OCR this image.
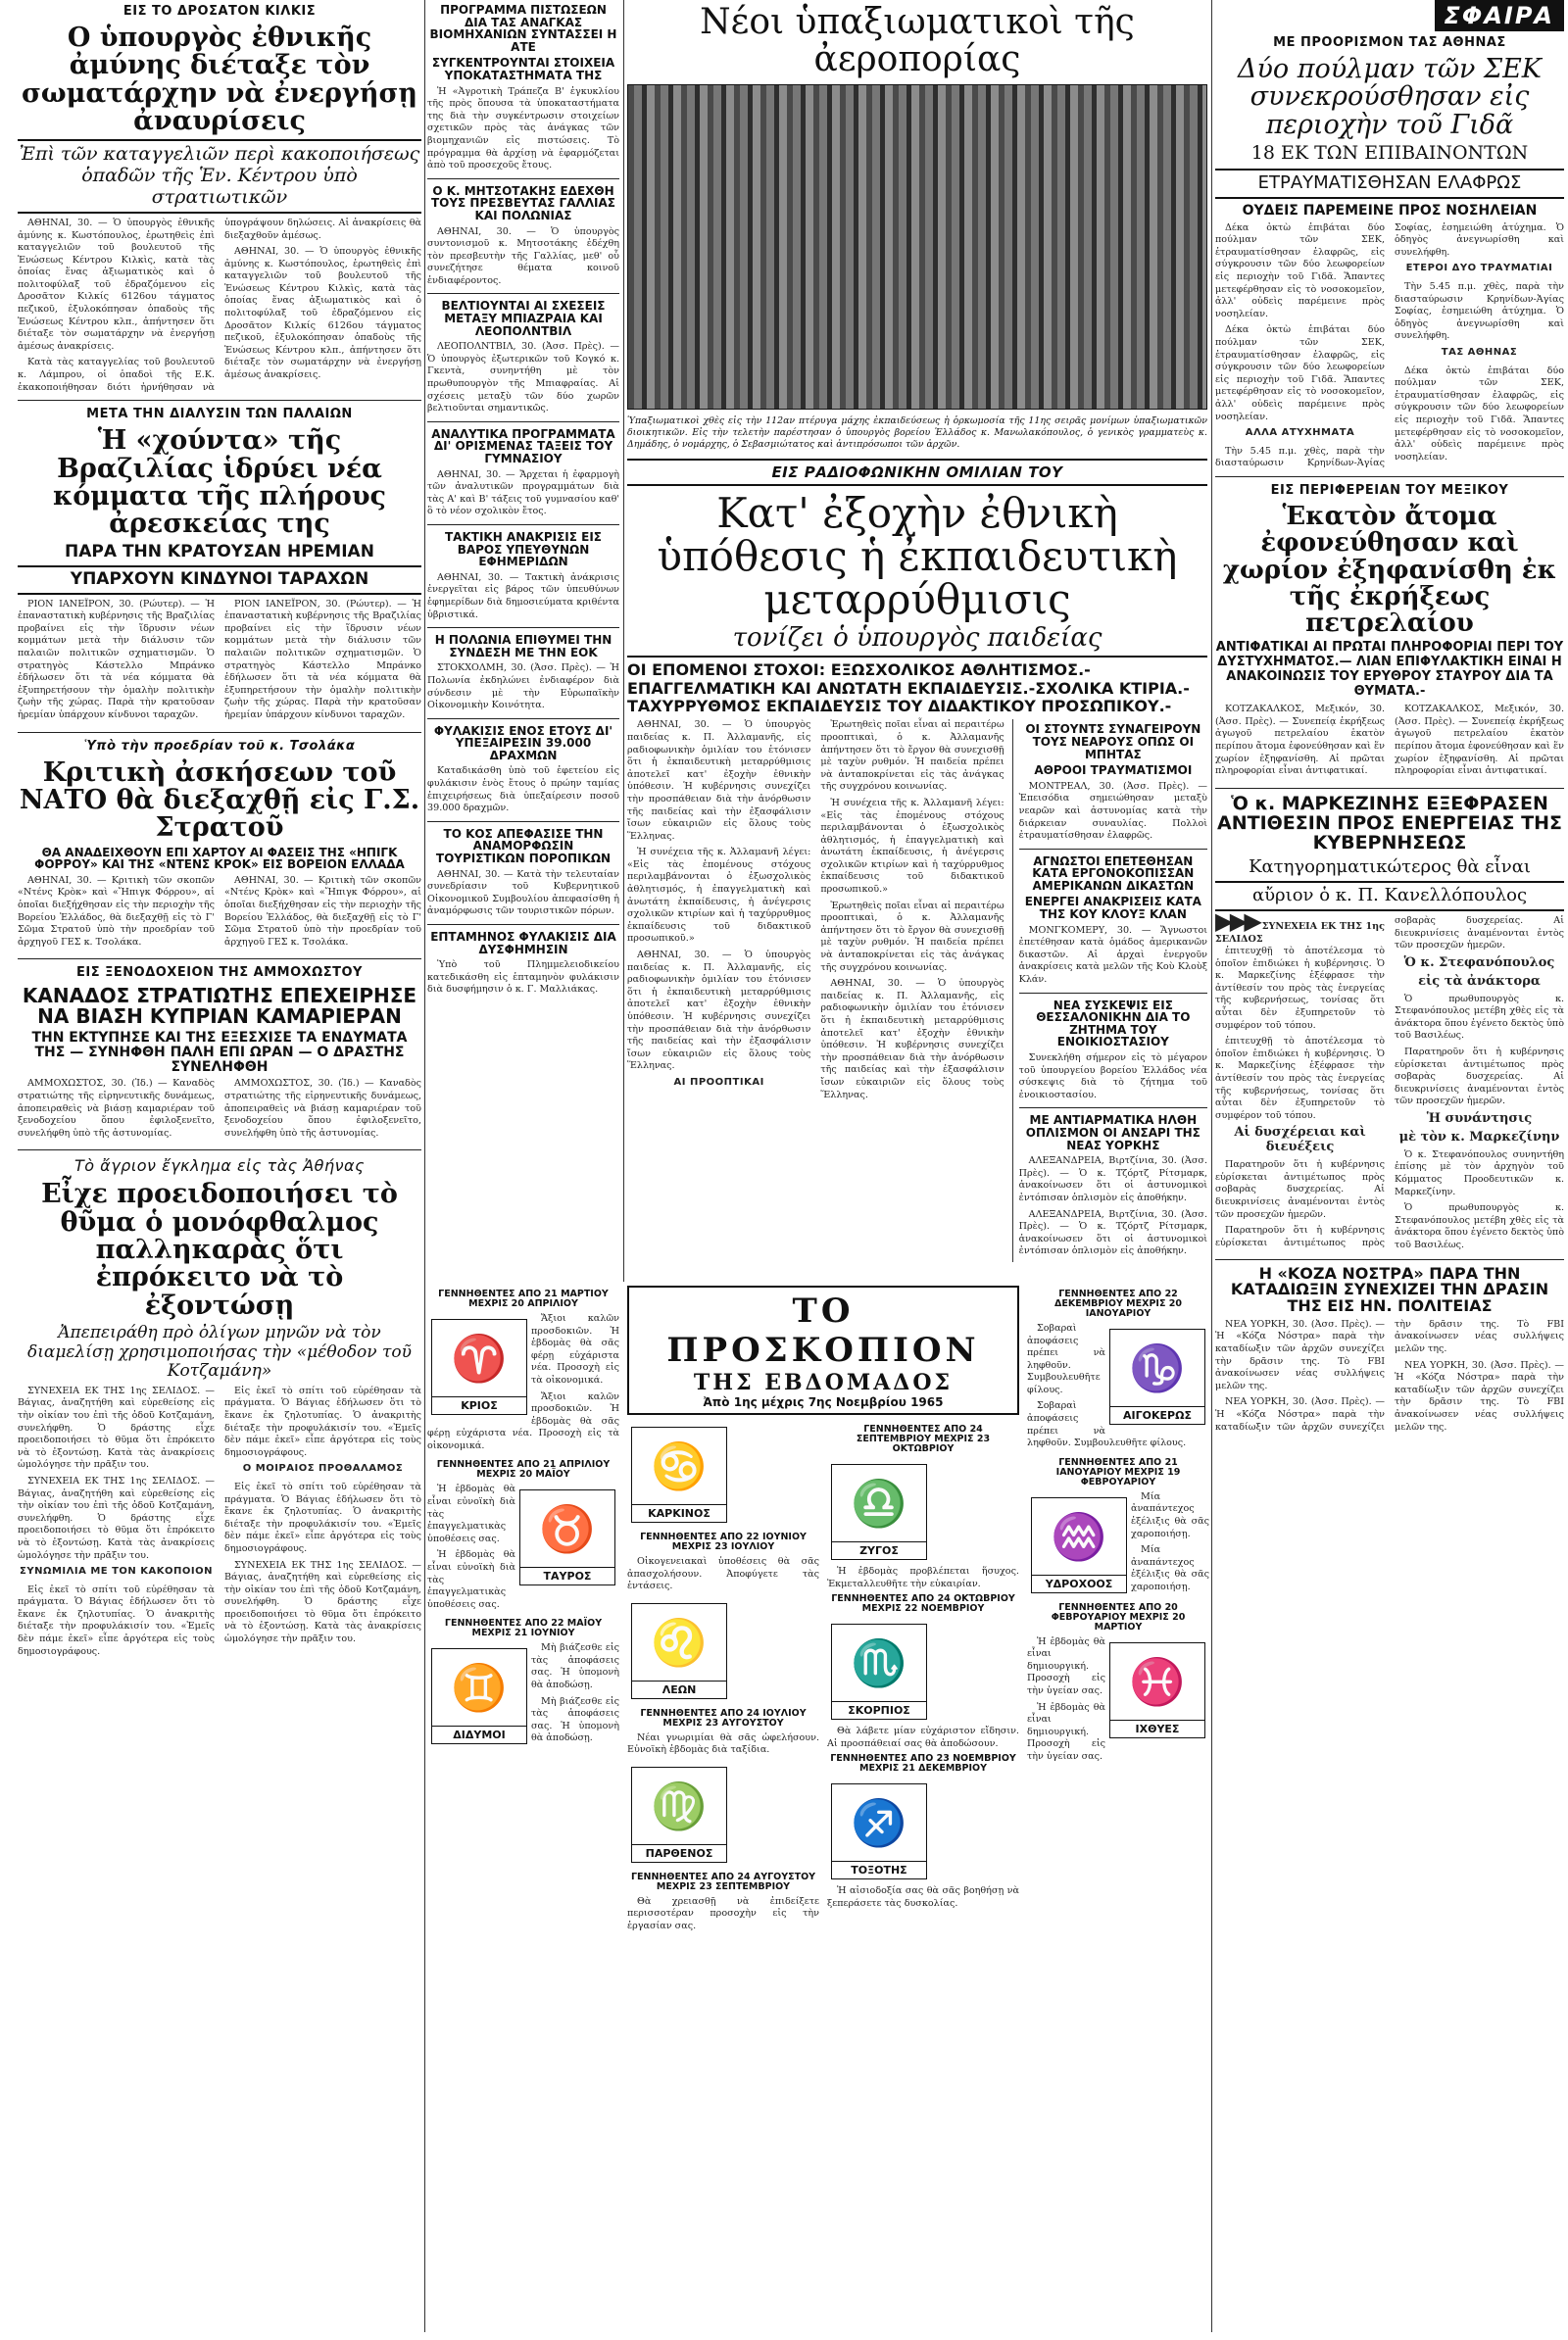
ΕΙΣ ΤΟ ΔΡΟΣΑΤΟΝ ΚΙΛΚΙΣ
Ο ὑπουργὸς ἐθνικῆς ἀμύνης διέταξε τὸν σωματάρχην νὰ ἐνεργήσῃ ἀναυρίσεις
Ἐπὶ τῶν καταγγελιῶν περὶ κακοποιήσεως ὁπαδῶν τῆς Ἑν. Κέντρου ὑπὸ στρατιωτικῶν

ΑΘΗΝΑΙ, 30. — Ὁ ὑπουργὸς ἐθνικῆς ἀμύνης κ. Κωστόπουλος, ἐρωτηθεὶς ἐπὶ καταγγελιῶν τοῦ βουλευτοῦ τῆς Ἑνώσεως Κέντρου Κιλκὶς, κατὰ τὰς ὁποίας ἕνας ἀξιωματικὸς καὶ ὁ πολιτοφύλαξ τοῦ ἐδραζόμενου εἰς Δροσᾶτον Κιλκίς 6126ου τάγματος πεζικοῦ, ἐξυλοκόπησαν ὁπαδοὺς τῆς Ἑνώσεως Κέντρου κλπ., ἀπήντησεν ὅτι διέταξε τὸν σωματάρχην νὰ ἐνεργήσῃ ἀμέσως ἀνακρίσεις.

Κατὰ τὰς καταγγελίας τοῦ βουλευτοῦ κ. Λάμπρου, οἱ ὁπαδοὶ τῆς Ε.Κ. ἐκακοποιήθησαν διότι ἠρνήθησαν νὰ ὑπογράψουν δηλώσεις. Αἱ ἀνακρίσεις θὰ διεξαχθοῦν ἀμέσως.

ΑΘΗΝΑΙ, 30. — Ὁ ὑπουργὸς ἐθνικῆς ἀμύνης κ. Κωστόπουλος, ἐρωτηθεὶς ἐπὶ καταγγελιῶν τοῦ βουλευτοῦ τῆς Ἑνώσεως Κέντρου Κιλκὶς, κατὰ τὰς ὁποίας ἕνας ἀξιωματικὸς καὶ ὁ πολιτοφύλαξ τοῦ ἐδραζόμενου εἰς Δροσᾶτον Κιλκίς 6126ου τάγματος πεζικοῦ, ἐξυλοκόπησαν ὁπαδοὺς τῆς Ἑνώσεως Κέντρου κλπ., ἀπήντησεν ὅτι διέταξε τὸν σωματάρχην νὰ ἐνεργήσῃ ἀμέσως ἀνακρίσεις.

ΜΕΤΑ ΤΗΝ ΔΙΑΛΥΣΙΝ ΤΩΝ ΠΑΛΑΙΩΝ
Ἡ «χούντα» τῆς Βραζιλίας ἱδρύει νέα κόμματα τῆς πλήρους ἀρεσκείας της
ΠΑΡΑ ΤΗΝ ΚΡΑΤΟΥΣΑΝ ΗΡΕΜΙΑΝ
ΥΠΑΡΧΟΥΝ ΚΙΝΔΥΝΟΙ ΤΑΡΑΧΩΝ

ΡΙΟΝ ΙΑΝΕΪΡΟΝ, 30. (Ρώυτερ). — Ἡ ἐπαναστατικὴ κυβέρνησις τῆς Βραζιλίας προβαίνει εἰς τὴν ἵδρυσιν νέων κομμάτων μετὰ τὴν διάλυσιν τῶν παλαιῶν πολιτικῶν σχηματισμῶν. Ὁ στρατηγὸς Κάστελλο Μπράνκο ἐδήλωσεν ὅτι τὰ νέα κόμματα θὰ ἐξυπηρετήσουν τὴν ὁμαλὴν πολιτικὴν ζωὴν τῆς χώρας. Παρὰ τὴν κρατοῦσαν ἠρεμίαν ὑπάρχουν κίνδυνοι ταραχῶν.

ΡΙΟΝ ΙΑΝΕΪΡΟΝ, 30. (Ρώυτερ). — Ἡ ἐπαναστατικὴ κυβέρνησις τῆς Βραζιλίας προβαίνει εἰς τὴν ἵδρυσιν νέων κομμάτων μετὰ τὴν διάλυσιν τῶν παλαιῶν πολιτικῶν σχηματισμῶν. Ὁ στρατηγὸς Κάστελλο Μπράνκο ἐδήλωσεν ὅτι τὰ νέα κόμματα θὰ ἐξυπηρετήσουν τὴν ὁμαλὴν πολιτικὴν ζωὴν τῆς χώρας. Παρὰ τὴν κρατοῦσαν ἠρεμίαν ὑπάρχουν κίνδυνοι ταραχῶν.

Ὑπὸ τὴν προεδρίαν τοῦ κ. Τσολάκα
Κριτικὴ ἀσκήσεων τοῦ ΝΑΤΟ θὰ διεξαχθῇ εἰς Γ.Σ. Στρατοῦ
ΘΑ ΑΝΑΔΕΙΧΘΟΥΝ ΕΠΙ ΧΑΡΤΟΥ ΑΙ ΦΑΣΕΙΣ ΤΗΣ «ΗΠΙΓΚ ΦΟΡΡΟΥ» ΚΑΙ ΤΗΣ «ΝΤΕΝΣ ΚΡΟΚ» ΕΙΣ ΒΟΡΕΙΟΝ ΕΛΛΑΔΑ

ΑΘΗΝΑΙ, 30. — Κριτικὴ τῶν σκοπῶν «Ντένς Κρὸκ» καὶ «Ἤπιγκ Φόρρου», αἱ ὁποῖαι διεξήχθησαν εἰς τὴν περιοχὴν τῆς Βορείου Ἑλλάδος, θὰ διεξαχθῇ εἰς τὸ Γ' Σῶμα Στρατοῦ ὑπὸ τὴν προεδρίαν τοῦ ἀρχηγοῦ ΓΕΣ κ. Τσολάκα.

ΑΘΗΝΑΙ, 30. — Κριτικὴ τῶν σκοπῶν «Ντένς Κρὸκ» καὶ «Ἤπιγκ Φόρρου», αἱ ὁποῖαι διεξήχθησαν εἰς τὴν περιοχὴν τῆς Βορείου Ἑλλάδος, θὰ διεξαχθῇ εἰς τὸ Γ' Σῶμα Στρατοῦ ὑπὸ τὴν προεδρίαν τοῦ ἀρχηγοῦ ΓΕΣ κ. Τσολάκα.

ΕΙΣ ΞΕΝΟΔΟΧΕΙΟΝ ΤΗΣ ΑΜΜΟΧΩΣΤΟΥ
ΚΑΝΑΔΟΣ ΣΤΡΑΤΙΩΤΗΣ ΕΠΕΧΕΙΡΗΣΕ ΝΑ ΒΙΑΣΗ ΚΥΠΡΙΑΝ ΚΑΜΑΡΙΕΡΑΝ
ΤΗΝ ΕΚΤΥΠΗΣΕ ΚΑΙ ΤΗΣ ΕΞΕΣΧΙΣΕ ΤΑ ΕΝΔΥΜΑΤΑ ΤΗΣ — ΣΥΝΗΦΘΗ ΠΑΛΗ ΕΠΙ ΩΡΑΝ — Ο ΔΡΑΣΤΗΣ ΣΥΝΕΛΗΦΘΗ

ΑΜΜΟΧΩΣΤΟΣ, 30. (Ἰδ.) — Καναδὸς στρατιώτης τῆς εἰρηνευτικῆς δυνάμεως, ἀποπειραθεὶς νὰ βιάσῃ καμαριέραν τοῦ ξενοδοχείου ὅπου ἐφιλοξενεῖτο, συνελήφθη ὑπὸ τῆς ἀστυνομίας.

ΑΜΜΟΧΩΣΤΟΣ, 30. (Ἰδ.) — Καναδὸς στρατιώτης τῆς εἰρηνευτικῆς δυνάμεως, ἀποπειραθεὶς νὰ βιάσῃ καμαριέραν τοῦ ξενοδοχείου ὅπου ἐφιλοξενεῖτο, συνελήφθη ὑπὸ τῆς ἀστυνομίας.

Τὸ ἄγριον ἔγκλημα εἰς τὰς Ἀθήνας
Εἶχε προειδοποιήσει τὸ θῦμα ὁ μονόφθαλμος παλληκαρὰς ὅτι ἐπρόκειτο νὰ τὸ ἐξοντώσῃ
Ἀπεπειράθη πρὸ ὀλίγων μηνῶν νὰ τὸν διαμελίσῃ χρησιμοποιήσας τὴν «μέθοδον τοῦ Κοτζαμάνη»

ΣΥΝΕΧΕΙΑ ΕΚ ΤΗΣ 1ης ΣΕΛΙΔΟΣ. — Βάγιας, ἀναζητήθη καὶ εὑρεθείσης εἰς τὴν οἰκίαν του ἐπὶ τῆς ὁδοῦ Κοτζαμάνη, συνελήφθη. Ὁ δράστης εἶχε προειδοποιήσει τὸ θῦμα ὅτι ἐπρόκειτο νὰ τὸ ἐξοντώσῃ. Κατὰ τὰς ἀνακρίσεις ὡμολόγησε τὴν πρᾶξιν του.

ΣΥΝΕΧΕΙΑ ΕΚ ΤΗΣ 1ης ΣΕΛΙΔΟΣ. — Βάγιας, ἀναζητήθη καὶ εὑρεθείσης εἰς τὴν οἰκίαν του ἐπὶ τῆς ὁδοῦ Κοτζαμάνη, συνελήφθη. Ὁ δράστης εἶχε προειδοποιήσει τὸ θῦμα ὅτι ἐπρόκειτο νὰ τὸ ἐξοντώσῃ. Κατὰ τὰς ἀνακρίσεις ὡμολόγησε τὴν πρᾶξιν του.

ΣΥΝΩΜΙΛΙΑ ΜΕ ΤΟΝ ΚΑΚΟΠΟΙΟΝ

Εἰς ἐκεῖ τὸ σπίτι τοῦ εὑρέθησαν τὰ πράγματα. Ὁ Βάγιας ἐδήλωσεν ὅτι τὸ ἔκανε ἐκ ζηλοτυπίας. Ὁ ἀνακριτὴς διέταξε τὴν προφυλάκισίν του. «Ἐμεῖς δὲν πάμε ἐκεῖ» εἶπε ἀργότερα εἰς τοὺς δημοσιογράφους.

Εἰς ἐκεῖ τὸ σπίτι τοῦ εὑρέθησαν τὰ πράγματα. Ὁ Βάγιας ἐδήλωσεν ὅτι τὸ ἔκανε ἐκ ζηλοτυπίας. Ὁ ἀνακριτὴς διέταξε τὴν προφυλάκισίν του. «Ἐμεῖς δὲν πάμε ἐκεῖ» εἶπε ἀργότερα εἰς τοὺς δημοσιογράφους.

Ο ΜΟΙΡΑΙΟΣ ΠΡΟΘΑΛΑΜΟΣ

Εἰς ἐκεῖ τὸ σπίτι τοῦ εὑρέθησαν τὰ πράγματα. Ὁ Βάγιας ἐδήλωσεν ὅτι τὸ ἔκανε ἐκ ζηλοτυπίας. Ὁ ἀνακριτὴς διέταξε τὴν προφυλάκισίν του. «Ἐμεῖς δὲν πάμε ἐκεῖ» εἶπε ἀργότερα εἰς τοὺς δημοσιογράφους.

ΣΥΝΕΧΕΙΑ ΕΚ ΤΗΣ 1ης ΣΕΛΙΔΟΣ. — Βάγιας, ἀναζητήθη καὶ εὑρεθείσης εἰς τὴν οἰκίαν του ἐπὶ τῆς ὁδοῦ Κοτζαμάνη, συνελήφθη. Ὁ δράστης εἶχε προειδοποιήσει τὸ θῦμα ὅτι ἐπρόκειτο νὰ τὸ ἐξοντώσῃ. Κατὰ τὰς ἀνακρίσεις ὡμολόγησε τὴν πρᾶξιν του.

ΠΡΟΓΡΑΜΜΑ ΠΙΣΤΩΣΕΩΝ ΔΙΑ ΤΑΣ ΑΝΑΓΚΑΣ ΒΙΟΜΗΧΑΝΙΩΝ ΣΥΝΤΑΣΣΕΙ Η ΑΤΕ
ΣΥΓΚΕΝΤΡΟΥΝΤΑΙ ΣΤΟΙΧΕΙΑ ΥΠΟΚΑΤΑΣΤΗΜΑΤΑ ΤΗΣ

Ἡ «Ἀγροτικὴ Τράπεζα Β' ἐγκυκλίου τῆς πρὸς ὅπουσα τὰ ὑποκαταστήματα της διὰ τὴν συγκέντρωσιν στοιχείων σχετικῶν πρὸς τὰς ἀνάγκας τῶν βιομηχανιῶν εἰς πιστώσεις. Τὸ πρόγραμμα θὰ ἀρχίσῃ νὰ ἐφαρμόζεται ἀπὸ τοῦ προσεχοῦς ἔτους.

Ο Κ. ΜΗΤΣΟΤΑΚΗΣ ΕΔΕΧΘΗ ΤΟΥΣ ΠΡΕΣΒΕΥΤΑΣ ΓΑΛΛΙΑΣ ΚΑΙ ΠΟΛΩΝΙΑΣ

ΑΘΗΝΑΙ, 30. — Ὁ ὑπουργὸς συντονισμοῦ κ. Μητσοτάκης ἐδέχθη τὸν πρεσβευτὴν τῆς Γαλλίας, μεθ' οὗ συνεζήτησε θέματα κοινοῦ ἐνδιαφέροντος.

ΒΕΛΤΙΟΥΝΤΑΙ ΑΙ ΣΧΕΣΕΙΣ ΜΕΤΑΞΥ ΜΠΙΑΖΡΑΙΑ ΚΑΙ ΛΕΟΠΟΛΝΤΒΙΛ

ΛΕΟΠΟΛΝΤΒΙΛ, 30. (Ἀσσ. Πρὲς). — Ὁ ὑπουργὸς ἐξωτερικῶν τοῦ Κογκό κ. Γκεντὰ, συνηντήθη μὲ τὸν πρωθυπουργὸν τῆς Μπιαφραίας. Αἱ σχέσεις μεταξὺ τῶν δύο χωρῶν βελτιοῦνται σημαντικῶς.

ΑΝΑΛΥΤΙΚΑ ΠΡΟΓΡΑΜΜΑΤΑ ΔΙ' ΟΡΙΣΜΕΝΑΣ ΤΑΞΕΙΣ ΤΟΥ ΓΥΜΝΑΣΙΟΥ

ΑΘΗΝΑΙ, 30. — Ἄρχεται ἡ ἐφαρμογὴ τῶν ἀναλυτικῶν προγραμμάτων διὰ τὰς Α' καὶ Β' τάξεις τοῦ γυμνασίου καθ' ὃ τὸ νέον σχολικὸν ἔτος.

ΤΑΚΤΙΚΗ ΑΝΑΚΡΙΣΙΣ ΕΙΣ ΒΑΡΟΣ ΥΠΕΥΘΥΝΩΝ ΕΦΗΜΕΡΙΔΩΝ

ΑΘΗΝΑΙ, 30. — Τακτικὴ ἀνάκρισις ἐνεργεῖται εἰς βάρος τῶν ὑπευθύνων ἐφημερίδων διὰ δημοσιεύματα κριθέντα ὑβριστικά.

Η ΠΟΛΩΝΙΑ ΕΠΙΘΥΜΕΙ ΤΗΝ ΣΥΝΔΕΣΗ ΜΕ ΤΗΝ ΕΟΚ

ΣΤΟΚΧΟΛΜΗ, 30. (Ἀσσ. Πρὲς). — Ἡ Πολωνία ἐκδηλώνει ἐνδιαφέρον διὰ σύνδεσιν μὲ τὴν Εὐρωπαϊκὴν Οἰκονομικὴν Κοινότητα.

ΦΥΛΑΚΙΣΙΣ ΕΝΟΣ ΕΤΟΥΣ ΔΙ' ΥΠΕΞΑΙΡΕΣΙΝ 39.000 ΔΡΑΧΜΩΝ

Καταδικάσθη ὑπὸ τοῦ ἐφετείου εἰς φυλάκισιν ἑνὸς ἔτους ὁ πρώην ταμίας ἐπιχειρήσεως διὰ ὑπεξαίρεσιν ποσοῦ 39.000 δραχμῶν.

ΤΟ ΚΟΣ ΑΠΕΦΑΣΙΣΕ ΤΗΝ ΑΝΑΜΟΡΦΩΣΙΝ ΤΟΥΡΙΣΤΙΚΩΝ ΠΟΡΟΠΙΚΩΝ

ΑΘΗΝΑΙ, 30. — Κατὰ τὴν τελευταίαν συνεδρίασιν τοῦ Κυβερνητικοῦ Οἰκονομικοῦ Συμβουλίου ἀπεφασίσθη ἡ ἀναμόρφωσις τῶν τουριστικῶν πόρων.

ΕΠΤΑΜΗΝΟΣ ΦΥΛΑΚΙΣΙΣ ΔΙΑ ΔΥΣΦΗΜΗΣΙΝ

Ὑπὸ τοῦ Πλημμελειοδικείου κατεδικάσθη εἰς ἑπταμηνὸν φυλάκισιν διὰ δυσφήμησιν ὁ κ. Γ. Μαλλιάκας.

Νέοι ὑπαξιωματικοὶ τῆς ἀεροπορίας
Ὑπαξιωματικοὶ χθὲς εἰς τὴν 112αν πτέρυγα μάχης ἐκπαιδεύσεως ἡ ὁρκωμοσία τῆς 11ης σειρᾶς μονίμων ὑπαξιωματικῶν διοικητικῶν. Εἰς τὴν τελετὴν παρέστησαν ὁ ὑπουργὸς βορείου Ἑλλάδος κ. Μανωλακόπουλος, ὁ γενικὸς γραμματεὺς κ. Δημάδης, ὁ νομάρχης, ὁ Σεβασμιώτατος καὶ ἀντιπρόσωποι τῶν ἀρχῶν.
ΕΙΣ ΡΑΔΙΟΦΩΝΙΚΗΝ ΟΜΙΛΙΑΝ ΤΟΥ
Κατ' ἐξοχὴν ἐθνικὴ ὑπόθεσις ἡ ἐκπαιδευτικὴ μεταρρύθμισις
τονίζει ὁ ὑπουργὸς παιδείας
ΟΙ ΕΠΟΜΕΝΟΙ ΣΤΟΧΟΙ: ΕΞΩΣΧΟΛΙΚΟΣ ΑΘΛΗΤΙΣΜΟΣ.-ΕΠΑΓΓΕΛΜΑΤΙΚΗ ΚΑΙ ΑΝΩΤΑΤΗ ΕΚΠΑΙΔΕΥΣΙΣ.-ΣΧΟΛΙΚΑ ΚΤΙΡΙΑ.-ΤΑΧΥΡΡΥΘΜΟΣ ΕΚΠΑΙΔΕΥΣΙΣ ΤΟΥ ΔΙΔΑΚΤΙΚΟΥ ΠΡΟΣΩΠΙΚΟΥ.-

ΑΘΗΝΑΙ, 30. — Ὁ ὑπουργὸς παιδείας κ. Π. Ἀλλαμανῆς, εἰς ραδιοφωνικὴν ὁμιλίαν του ἐτόνισεν ὅτι ἡ ἐκπαιδευτικὴ μεταρρύθμισις ἀποτελεῖ κατ' ἐξοχὴν ἐθνικὴν ὑπόθεσιν. Ἡ κυβέρνησις συνεχίζει τὴν προσπάθειαν διὰ τὴν ἀνόρθωσιν τῆς παιδείας καὶ τὴν ἐξασφάλισιν ἴσων εὐκαιριῶν εἰς ὅλους τοὺς Ἕλληνας.

Ἡ συνέχεια τῆς κ. Ἀλλαμανῆ λέγει: «Εἰς τὰς ἐπομένους στόχους περιλαμβάνονται ὁ ἐξωσχολικὸς ἀθλητισμός, ἡ ἐπαγγελματικὴ καὶ ἀνωτάτη ἐκπαίδευσις, ἡ ἀνέγερσις σχολικῶν κτιρίων καὶ ἡ ταχύρρυθμος ἐκπαίδευσις τοῦ διδακτικοῦ προσωπικοῦ.»

ΑΘΗΝΑΙ, 30. — Ὁ ὑπουργὸς παιδείας κ. Π. Ἀλλαμανῆς, εἰς ραδιοφωνικὴν ὁμιλίαν του ἐτόνισεν ὅτι ἡ ἐκπαιδευτικὴ μεταρρύθμισις ἀποτελεῖ κατ' ἐξοχὴν ἐθνικὴν ὑπόθεσιν. Ἡ κυβέρνησις συνεχίζει τὴν προσπάθειαν διὰ τὴν ἀνόρθωσιν τῆς παιδείας καὶ τὴν ἐξασφάλισιν ἴσων εὐκαιριῶν εἰς ὅλους τοὺς Ἕλληνας.

ΑΙ ΠΡΟΟΠΤΙΚΑΙ

Ἐρωτηθεὶς ποῖαι εἶναι αἱ περαιτέρω προοπτικαὶ, ὁ κ. Ἀλλαμανῆς ἀπήντησεν ὅτι τὸ ἔργον θὰ συνεχισθῇ μὲ ταχὺν ρυθμόν. Ἡ παιδεία πρέπει νὰ ἀνταποκρίνεται εἰς τὰς ἀνάγκας τῆς συγχρόνου κοινωνίας.

Ἡ συνέχεια τῆς κ. Ἀλλαμανῆ λέγει: «Εἰς τὰς ἐπομένους στόχους περιλαμβάνονται ὁ ἐξωσχολικὸς ἀθλητισμός, ἡ ἐπαγγελματικὴ καὶ ἀνωτάτη ἐκπαίδευσις, ἡ ἀνέγερσις σχολικῶν κτιρίων καὶ ἡ ταχύρρυθμος ἐκπαίδευσις τοῦ διδακτικοῦ προσωπικοῦ.»

Ἐρωτηθεὶς ποῖαι εἶναι αἱ περαιτέρω προοπτικαὶ, ὁ κ. Ἀλλαμανῆς ἀπήντησεν ὅτι τὸ ἔργον θὰ συνεχισθῇ μὲ ταχὺν ρυθμόν. Ἡ παιδεία πρέπει νὰ ἀνταποκρίνεται εἰς τὰς ἀνάγκας τῆς συγχρόνου κοινωνίας.

ΑΘΗΝΑΙ, 30. — Ὁ ὑπουργὸς παιδείας κ. Π. Ἀλλαμανῆς, εἰς ραδιοφωνικὴν ὁμιλίαν του ἐτόνισεν ὅτι ἡ ἐκπαιδευτικὴ μεταρρύθμισις ἀποτελεῖ κατ' ἐξοχὴν ἐθνικὴν ὑπόθεσιν. Ἡ κυβέρνησις συνεχίζει τὴν προσπάθειαν διὰ τὴν ἀνόρθωσιν τῆς παιδείας καὶ τὴν ἐξασφάλισιν ἴσων εὐκαιριῶν εἰς ὅλους τοὺς Ἕλληνας.

ΟΙ ΣΤΟΥΝΤΣ ΣΥΝΑΓΕΙΡΟΥΝ ΤΟΥΣ ΝΕΑΡΟΥΣ ΟΠΩΣ ΟΙ ΜΠΗΤΑΣ
ΑΘΡΟΟΙ ΤΡΑΥΜΑΤΙΣΜΟΙ

ΜΟΝΤΡΕΑΛ, 30. (Ἀσσ. Πρὲς). — Ἐπεισόδια σημειώθησαν μεταξὺ νεαρῶν καὶ ἀστυνομίας κατὰ τὴν διάρκειαν συναυλίας. Πολλοὶ ἐτραυματίσθησαν ἐλαφρῶς.

ΑΓΝΩΣΤΟΙ ΕΠΕΤΕΘΗΣΑΝ ΚΑΤΑ ΕΡΓΟΝΟΚΟΠΙΣΣΑΝ ΑΜΕΡΙΚΑΝΩΝ ΔΙΚΑΣΤΩΝ
ΕΝΕΡΓΕΙ ΑΝΑΚΡΙΣΕΙΣ ΚΑΤΑ ΤΗΣ ΚΟΥ ΚΛΟΥΞ ΚΛΑΝ

ΜΟΝΓΚΟΜΕΡΥ, 30. — Ἄγνωστοι ἐπετέθησαν κατὰ ὁμάδος ἀμερικανῶν δικαστῶν. Αἱ ἀρχαὶ ἐνεργοῦν ἀνακρίσεις κατὰ μελῶν τῆς Κοὺ Κλοὺξ Κλάν.

ΝΕΑ ΣΥΣΚΕΨΙΣ ΕΙΣ ΘΕΣΣΑΛΟΝΙΚΗΝ ΔΙΑ ΤΟ ΖΗΤΗΜΑ ΤΟΥ ΕΝΟΙΚΙΟΣΤΑΣΙΟΥ

Συνεκλήθη σήμερον εἰς τὸ μέγαρον τοῦ ὑπουργείου βορείου Ἑλλάδος νέα σύσκεψις διὰ τὸ ζήτημα τοῦ ἐνοικιοστασίου.

ΜΕ ΑΝΤΙΑΡΜΑΤΙΚΑ ΗΛΘΗ ΟΠΛΙΣΜΟΝ ΟΙ ΑΝΣΑΡΙ ΤΗΣ ΝΕΑΣ ΥΟΡΚΗΣ

ΑΛΕΞΑΝΔΡΕΙΑ, Βιρτζίνια, 30. (Ἀσσ. Πρὲς). — Ὁ κ. Τζόρτζ Ρίτσμαρκ, ἀνακοίνωσεν ὅτι οἱ ἀστυνομικοὶ ἐντόπισαν ὁπλισμὸν εἰς ἀποθήκην.

ΑΛΕΞΑΝΔΡΕΙΑ, Βιρτζίνια, 30. (Ἀσσ. Πρὲς). — Ὁ κ. Τζόρτζ Ρίτσμαρκ, ἀνακοίνωσεν ὅτι οἱ ἀστυνομικοὶ ἐντόπισαν ὁπλισμὸν εἰς ἀποθήκην.

ΣΦΑΙΡΑ
ΜΕ ΠΡΟΟΡΙΣΜΟΝ ΤΑΣ ΑΘΗΝΑΣ
Δύο πούλμαν τῶν ΣΕΚ συνεκρούσθησαν εἰς περιοχὴν τοῦ Γιδᾶ
18 ΕΚ ΤΩΝ ΕΠΙΒΑΙΝΟΝΤΩΝ
ΕΤΡΑΥΜΑΤΙΣΘΗΣΑΝ ΕΛΑΦΡΩΣ
ΟΥΔΕΙΣ ΠΑΡΕΜΕΙΝΕ ΠΡΟΣ ΝΟΣΗΛΕΙΑΝ

Δέκα ὀκτὼ ἐπιβάται δύο πούλμαν τῶν ΣΕΚ, ἐτραυματίσθησαν ἐλαφρῶς, εἰς σύγκρουσιν τῶν δύο λεωφορείων εἰς περιοχὴν τοῦ Γιδᾶ. Ἅπαντες μετεφέρθησαν εἰς τὸ νοσοκομεῖον, ἀλλ' οὐδεὶς παρέμεινε πρὸς νοσηλείαν.

Δέκα ὀκτὼ ἐπιβάται δύο πούλμαν τῶν ΣΕΚ, ἐτραυματίσθησαν ἐλαφρῶς, εἰς σύγκρουσιν τῶν δύο λεωφορείων εἰς περιοχὴν τοῦ Γιδᾶ. Ἅπαντες μετεφέρθησαν εἰς τὸ νοσοκομεῖον, ἀλλ' οὐδεὶς παρέμεινε πρὸς νοσηλείαν.

ΑΛΛΑ ΑΤΥΧΗΜΑΤΑ

Τὴν 5.45 π.μ. χθὲς, παρὰ τὴν διασταύρωσιν Κρηνίδων-Ἁγίας Σοφίας, ἐσημειώθη ἀτύχημα. Ὁ ὁδηγὸς ἀνεγνωρίσθη καὶ συνελήφθη.

ΕΤΕΡΟΙ ΔΥΟ ΤΡΑΥΜΑΤΙΑΙ

Τὴν 5.45 π.μ. χθὲς, παρὰ τὴν διασταύρωσιν Κρηνίδων-Ἁγίας Σοφίας, ἐσημειώθη ἀτύχημα. Ὁ ὁδηγὸς ἀνεγνωρίσθη καὶ συνελήφθη.

ΤΑΣ ΑΘΗΝΑΣ

Δέκα ὀκτὼ ἐπιβάται δύο πούλμαν τῶν ΣΕΚ, ἐτραυματίσθησαν ἐλαφρῶς, εἰς σύγκρουσιν τῶν δύο λεωφορείων εἰς περιοχὴν τοῦ Γιδᾶ. Ἅπαντες μετεφέρθησαν εἰς τὸ νοσοκομεῖον, ἀλλ' οὐδεὶς παρέμεινε πρὸς νοσηλείαν.

ΕΙΣ ΠΕΡΙΦΕΡΕΙΑΝ ΤΟΥ ΜΕΞΙΚΟΥ
Ἑκατὸν ἄτομα ἐφονεύθησαν καὶ χωρίον ἐξηφανίσθη ἐκ τῆς ἐκρήξεως πετρελαίου
ΑΝΤΙΦΑΤΙΚΑΙ ΑΙ ΠΡΩΤΑΙ ΠΛΗΡΟΦΟΡΙΑΙ ΠΕΡΙ ΤΟΥ ΔΥΣΤΥΧΗΜΑΤΟΣ.— ΛΙΑΝ ΕΠΙΦΥΛΑΚΤΙΚΗ ΕΙΝΑΙ Η ΑΝΑΚΟΙΝΩΣΙΣ ΤΟΥ ΕΡΥΘΡΟΥ ΣΤΑΥΡΟΥ ΔΙΑ ΤΑ ΘΥΜΑΤΑ.-

ΚΟΤΖΑΚΑΛΚΟΣ, Μεξικόν, 30. (Ἀσσ. Πρὲς). — Συνεπείᾳ ἐκρήξεως ἀγωγοῦ πετρελαίου ἑκατὸν περίπου ἄτομα ἐφονεύθησαν καὶ ἕν χωρίον ἐξηφανίσθη. Αἱ πρῶται πληροφορίαι εἶναι ἀντιφατικαί.

ΚΟΤΖΑΚΑΛΚΟΣ, Μεξικόν, 30. (Ἀσσ. Πρὲς). — Συνεπείᾳ ἐκρήξεως ἀγωγοῦ πετρελαίου ἑκατὸν περίπου ἄτομα ἐφονεύθησαν καὶ ἕν χωρίον ἐξηφανίσθη. Αἱ πρῶται πληροφορίαι εἶναι ἀντιφατικαί.

Ὁ κ. ΜΑΡΚΕΖΙΝΗΣ ΕΞΕΦΡΑΣΕΝ ΑΝΤΙΘΕΣΙΝ ΠΡΟΣ ΕΝΕΡΓΕΙΑΣ ΤΗΣ ΚΥΒΕΡΝΗΣΕΩΣ
Κατηγορηματικώτερος θὰ εἶναι
αὔριον ὁ κ. Π. Κανελλόπουλος
▶▶▶ ΣΥΝΕΧΕΙΑ ΕΚ ΤΗΣ 1ης ΣΕΛΙΔΟΣ

ἐπιτευχθῇ τὸ ἀποτέλεσμα τὸ ὁποῖον ἐπιδιώκει ἡ κυβέρνησις. Ὁ κ. Μαρκεζίνης ἐξέφρασε τὴν ἀντίθεσίν του πρὸς τὰς ἐνεργείας τῆς κυβερνήσεως, τονίσας ὅτι αὗται δὲν ἐξυπηρετοῦν τὸ συμφέρον τοῦ τόπου.

ἐπιτευχθῇ τὸ ἀποτέλεσμα τὸ ὁποῖον ἐπιδιώκει ἡ κυβέρνησις. Ὁ κ. Μαρκεζίνης ἐξέφρασε τὴν ἀντίθεσίν του πρὸς τὰς ἐνεργείας τῆς κυβερνήσεως, τονίσας ὅτι αὗται δὲν ἐξυπηρετοῦν τὸ συμφέρον τοῦ τόπου.

Αἱ δυσχέρειαι καὶ διευέξεις

Παρατηροῦν ὅτι ἡ κυβέρνησις εὑρίσκεται ἀντιμέτωπος πρὸς σοβαρὰς δυσχερείας. Αἱ διευκρινίσεις ἀναμένονται ἐντὸς τῶν προσεχῶν ἡμερῶν.

Παρατηροῦν ὅτι ἡ κυβέρνησις εὑρίσκεται ἀντιμέτωπος πρὸς σοβαρὰς δυσχερείας. Αἱ διευκρινίσεις ἀναμένονται ἐντὸς τῶν προσεχῶν ἡμερῶν.

Ὁ κ. Στεφανόπουλος
εἰς τὰ ἀνάκτορα

Ὁ πρωθυπουργὸς κ. Στεφανόπουλος μετέβη χθὲς εἰς τὰ ἀνάκτορα ὅπου ἐγένετο δεκτὸς ὑπὸ τοῦ Βασιλέως.

Παρατηροῦν ὅτι ἡ κυβέρνησις εὑρίσκεται ἀντιμέτωπος πρὸς σοβαρὰς δυσχερείας. Αἱ διευκρινίσεις ἀναμένονται ἐντὸς τῶν προσεχῶν ἡμερῶν.

Ἡ συνάντησις
μὲ τὸν κ. Μαρκεζίνην

Ὁ κ. Στεφανόπουλος συνηντήθη ἐπίσης μὲ τὸν ἀρχηγὸν τοῦ Κόμματος Προοδευτικῶν κ. Μαρκεζίνην.

Ὁ πρωθυπουργὸς κ. Στεφανόπουλος μετέβη χθὲς εἰς τὰ ἀνάκτορα ὅπου ἐγένετο δεκτὸς ὑπὸ τοῦ Βασιλέως.

Η «ΚΟΖΑ ΝΟΣΤΡΑ» ΠΑΡΑ ΤΗΝ ΚΑΤΑΔΙΩΞΙΝ ΣΥΝΕΧΙΖΕΙ ΤΗΝ ΔΡΑΣΙΝ ΤΗΣ ΕΙΣ ΗΝ. ΠΟΛΙΤΕΙΑΣ

ΝΕΑ ΥΟΡΚΗ, 30. (Ἀσσ. Πρὲς). — Ἡ «Κόζα Νόστρα» παρὰ τὴν καταδίωξιν τῶν ἀρχῶν συνεχίζει τὴν δρᾶσιν της. Τὸ FBI ἀνακοίνωσεν νέας συλλήψεις μελῶν της.

ΝΕΑ ΥΟΡΚΗ, 30. (Ἀσσ. Πρὲς). — Ἡ «Κόζα Νόστρα» παρὰ τὴν καταδίωξιν τῶν ἀρχῶν συνεχίζει τὴν δρᾶσιν της. Τὸ FBI ἀνακοίνωσεν νέας συλλήψεις μελῶν της.

ΝΕΑ ΥΟΡΚΗ, 30. (Ἀσσ. Πρὲς). — Ἡ «Κόζα Νόστρα» παρὰ τὴν καταδίωξιν τῶν ἀρχῶν συνεχίζει τὴν δρᾶσιν της. Τὸ FBI ἀνακοίνωσεν νέας συλλήψεις μελῶν της.

ΓΕΝΝΗΘΕΝΤΕΣ ΑΠΟ 21 ΜΑΡΤΙΟΥ ΜΕΧΡΙΣ 20 ΑΠΡΙΛΙΟΥ
♈
ΚΡΙΟΣ

Ἄξιοι καλῶν προσδοκιῶν. Ἡ ἑβδομὰς θὰ σᾶς φέρῃ εὐχάριστα νέα. Προσοχὴ εἰς τὰ οἰκονομικά.

Ἄξιοι καλῶν προσδοκιῶν. Ἡ ἑβδομὰς θὰ σᾶς φέρῃ εὐχάριστα νέα. Προσοχὴ εἰς τὰ οἰκονομικά.

ΓΕΝΝΗΘΕΝΤΕΣ ΑΠΟ 21 ΑΠΡΙΛΙΟΥ ΜΕΧΡΙΣ 20 ΜΑΪΟΥ
♉
ΤΑΥΡΟΣ

Ἡ ἑβδομὰς θὰ εἶναι εὐνοϊκὴ διὰ τὰς ἐπαγγελματικὰς ὑποθέσεις σας.

Ἡ ἑβδομὰς θὰ εἶναι εὐνοϊκὴ διὰ τὰς ἐπαγγελματικὰς ὑποθέσεις σας.

ΓΕΝΝΗΘΕΝΤΕΣ ΑΠΟ 22 ΜΑΪΟΥ ΜΕΧΡΙΣ 21 ΙΟΥΝΙΟΥ
♊
ΔΙΔΥΜΟΙ

Μὴ βιάζεσθε εἰς τὰς ἀποφάσεις σας. Ἡ ὑπομονὴ θὰ ἀποδώσῃ.

Μὴ βιάζεσθε εἰς τὰς ἀποφάσεις σας. Ἡ ὑπομονὴ θὰ ἀποδώσῃ.

ΤΟ ΠΡΟΣΚΟΠΙΟΝ
ΤΗΣ ΕΒΔΟΜΑΔΟΣ
Ἀπὸ 1ης μέχρις 7ης Νοεμβρίου 1965
♋
ΚΑΡΚΙΝΟΣ
ΓΕΝΝΗΘΕΝΤΕΣ ΑΠΟ 22 ΙΟΥΝΙΟΥ ΜΕΧΡΙΣ 23 ΙΟΥΛΙΟΥ

Οἰκογενειακαὶ ὑποθέσεις θὰ σᾶς ἀπασχολήσουν. Ἀποφύγετε τὰς ἐντάσεις.

♌
ΛΕΩΝ
ΓΕΝΝΗΘΕΝΤΕΣ ΑΠΟ 24 ΙΟΥΛΙΟΥ ΜΕΧΡΙΣ 23 ΑΥΓΟΥΣΤΟΥ

Νέαι γνωριμίαι θὰ σᾶς ὠφελήσουν. Εὐνοϊκὴ ἑβδομὰς διὰ ταξίδια.

♍
ΠΑΡΘΕΝΟΣ
ΓΕΝΝΗΘΕΝΤΕΣ ΑΠΟ 24 ΑΥΓΟΥΣΤΟΥ ΜΕΧΡΙΣ 23 ΣΕΠΤΕΜΒΡΙΟΥ

Θὰ χρειασθῇ νὰ ἐπιδείξετε περισσοτέραν προσοχὴν εἰς τὴν ἐργασίαν σας.

ΓΕΝΝΗΘΕΝΤΕΣ ΑΠΟ 24 ΣΕΠΤΕΜΒΡΙΟΥ ΜΕΧΡΙΣ 23 ΟΚΤΩΒΡΙΟΥ
♎
ΖΥΓΟΣ

Ἡ ἑβδομὰς προβλέπεται ἥσυχος. Ἐκμεταλλευθῆτε τὴν εὐκαιρίαν.

ΓΕΝΝΗΘΕΝΤΕΣ ΑΠΟ 24 ΟΚΤΩΒΡΙΟΥ ΜΕΧΡΙΣ 22 ΝΟΕΜΒΡΙΟΥ
♏
ΣΚΟΡΠΙΟΣ

Θὰ λάβετε μίαν εὐχάριστον εἴδησιν. Αἱ προσπάθειαί σας θὰ ἀποδώσουν.

ΓΕΝΝΗΘΕΝΤΕΣ ΑΠΟ 23 ΝΟΕΜΒΡΙΟΥ ΜΕΧΡΙΣ 21 ΔΕΚΕΜΒΡΙΟΥ
♐
ΤΟΞΟΤΗΣ

Ἡ αἰσιοδοξία σας θὰ σᾶς βοηθήσῃ νὰ ξεπεράσετε τὰς δυσκολίας.

ΓΕΝΝΗΘΕΝΤΕΣ ΑΠΟ 22 ΔΕΚΕΜΒΡΙΟΥ ΜΕΧΡΙΣ 20 ΙΑΝΟΥΑΡΙΟΥ
♑
ΑΙΓΟΚΕΡΩΣ

Σοβαραὶ ἀποφάσεις πρέπει νὰ ληφθοῦν. Συμβουλευθῆτε φίλους.

Σοβαραὶ ἀποφάσεις πρέπει νὰ ληφθοῦν. Συμβουλευθῆτε φίλους.

ΓΕΝΝΗΘΕΝΤΕΣ ΑΠΟ 21 ΙΑΝΟΥΑΡΙΟΥ ΜΕΧΡΙΣ 19 ΦΕΒΡΟΥΑΡΙΟΥ
♒
ΥΔΡΟΧΟΟΣ

Μία ἀναπάντεχος ἐξέλιξις θὰ σᾶς χαροποιήσῃ.

Μία ἀναπάντεχος ἐξέλιξις θὰ σᾶς χαροποιήσῃ.

ΓΕΝΝΗΘΕΝΤΕΣ ΑΠΟ 20 ΦΕΒΡΟΥΑΡΙΟΥ ΜΕΧΡΙΣ 20 ΜΑΡΤΙΟΥ
♓
ΙΧΘΥΕΣ

Ἡ ἑβδομὰς θὰ εἶναι δημιουργική. Προσοχὴ εἰς τὴν ὑγείαν σας.

Ἡ ἑβδομὰς θὰ εἶναι δημιουργική. Προσοχὴ εἰς τὴν ὑγείαν σας.
